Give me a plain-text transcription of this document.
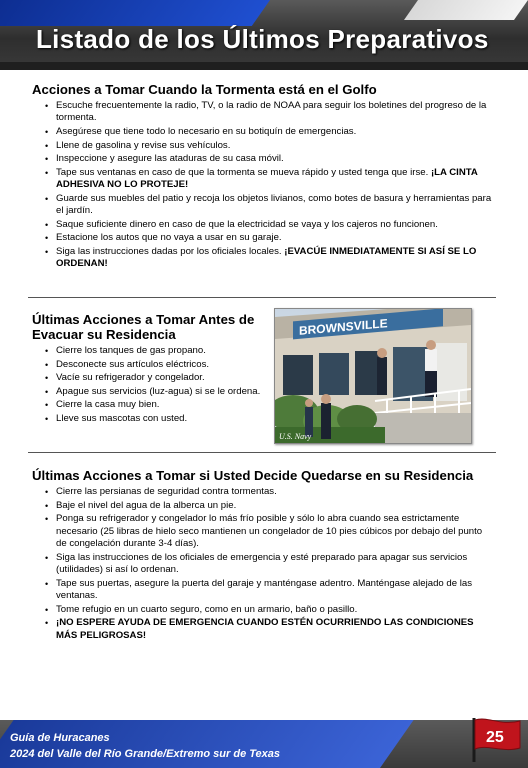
Listado de los Últimos Preparativos
Acciones a Tomar Cuando la Tormenta está en el Golfo
• Escuche frecuentemente la radio, TV, o la radio de NOAA para seguir los boletines del progreso de la tormenta.
• Asegúrese que tiene todo lo necesario en su botiquín de emergencias.
• Llene de gasolina y revise sus vehículos.
• Inspeccione y asegure las ataduras de su casa móvil.
• Tape sus ventanas en caso de que la tormenta se mueva rápido y usted tenga que irse. ¡LA CINTA ADHESIVA NO LO PROTEJE!
• Guarde sus muebles del patio y recoja los objetos livianos, como botes de basura y herramientas para el jardín.
• Saque suficiente dinero en caso de que la electricidad se vaya y los cajeros no funcionen.
• Estacione los autos que no vaya a usar en su garaje.
• Siga las instrucciones dadas por los oficiales locales. ¡EVACÚE INMEDIATAMENTE SI ASÍ SE LO ORDENAN!
Últimas Acciones a Tomar Antes de Evacuar su Residencia
• Cierre los tanques de gas propano.
• Desconecte sus artículos eléctricos.
• Vacíe su refrigerador y congelador.
• Apague sus servicios (luz-agua) si se le ordena.
• Cierre la casa muy bien.
• Lleve sus mascotas con usted.
BROWNSVILLE
U.S. Navy
Últimas Acciones a Tomar si Usted Decide Quedarse en su Residencia
• Cierre las persianas de seguridad contra tormentas.
• Baje el nivel del agua de la alberca un pie.
• Ponga su refrigerador y congelador lo más frío posible y sólo lo abra cuando sea estrictamente necesario (25 libras de hielo seco mantienen un congelador de 10 pies cúbicos por debajo del punto de congelación durante 3-4 días).
• Siga las instrucciones de los oficiales de emergencia y esté preparado para apagar sus servicios (utilidades) si así lo ordenan.
• Tape sus puertas, asegure la puerta del garaje y manténgase adentro. Manténgase alejado de las ventanas.
• Tome refugio en un cuarto seguro, como en un armario, baño o pasillo.
• ¡NO ESPERE AYUDA DE EMERGENCIA CUANDO ESTÉN OCURRIENDO LAS CONDICIONES MÁS PELIGROSAS!
Guía de Huracanes
2024 del Valle del Río Grande/Extremo sur de Texas
25
